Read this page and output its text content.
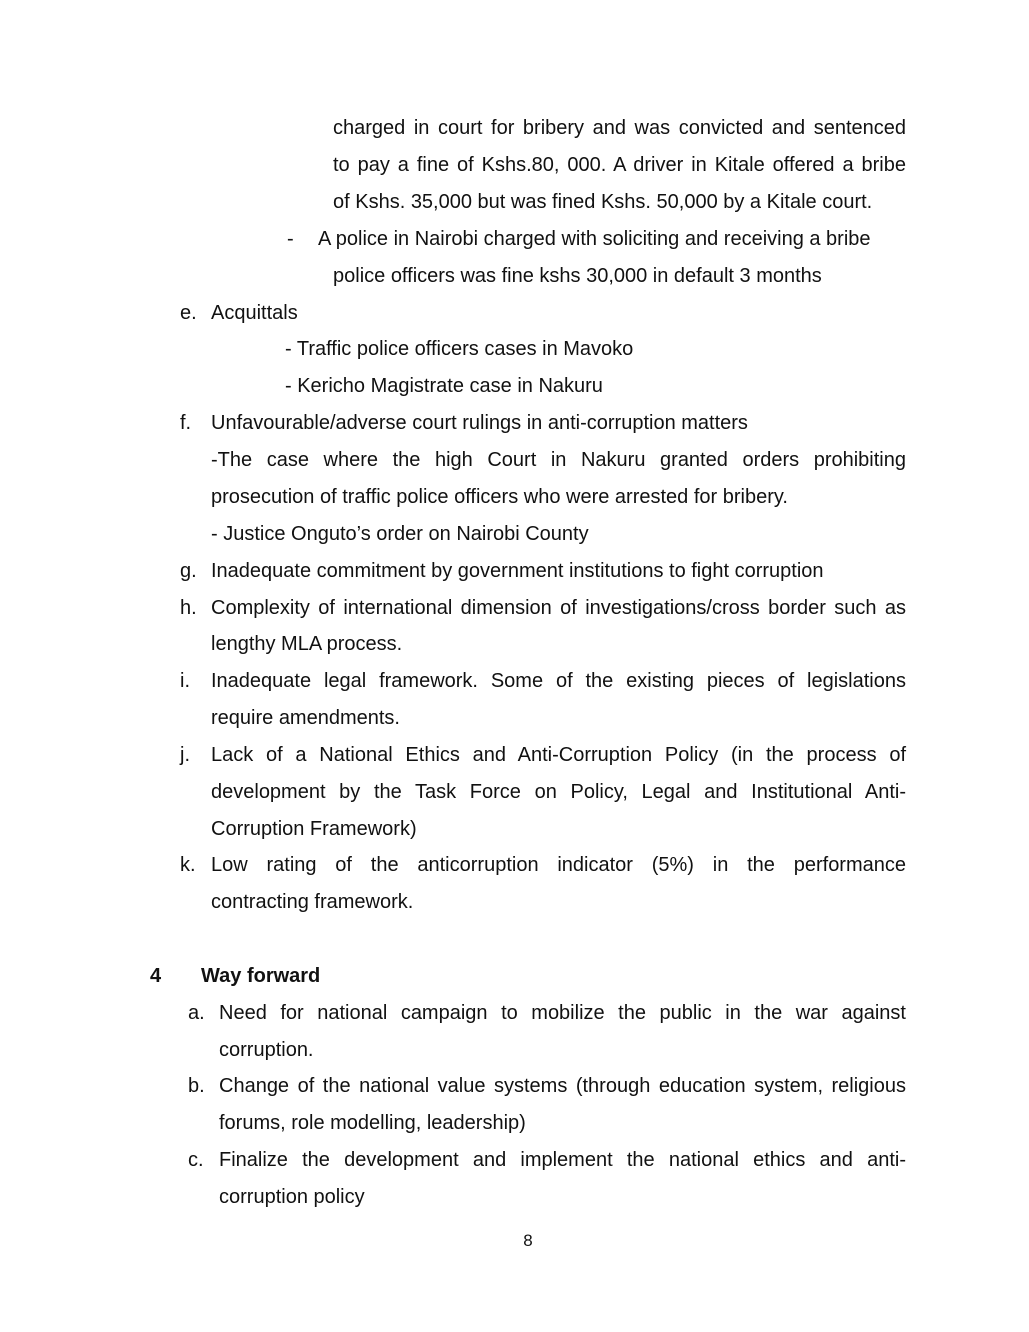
charged in court for bribery and was convicted and sentenced
to pay a fine of Kshs.80, 000. A driver in Kitale offered a bribe
of Kshs. 35,000 but was fined Kshs. 50,000 by a Kitale court.
- A police in Nairobi charged with soliciting and receiving a bribe
police officers was fine kshs 30,000 in default 3 months
e. Acquittals
- Traffic police officers cases in Mavoko
- Kericho Magistrate case in Nakuru
f. Unfavourable/adverse court rulings in anti-corruption matters
-The case where the high Court in Nakuru granted orders prohibiting
prosecution of traffic police officers who were arrested for bribery.
- Justice Onguto’s order on Nairobi County
g. Inadequate commitment by government institutions to fight corruption
h. Complexity of international dimension of investigations/cross border such as
lengthy MLA process.
i. Inadequate legal framework. Some of the existing pieces of legislations
require amendments.
j. Lack of a National Ethics and Anti-Corruption Policy (in the process of
development by the Task Force on Policy, Legal and Institutional Anti-
Corruption Framework)
k. Low rating of the anticorruption indicator (5%) in the performance
contracting framework.
4 Way forward
a. Need for national campaign to mobilize the public in the war against
corruption.
b. Change of the national value systems (through education system, religious
forums, role modelling, leadership)
c. Finalize the development and implement the national ethics and anti-
corruption policy
8
